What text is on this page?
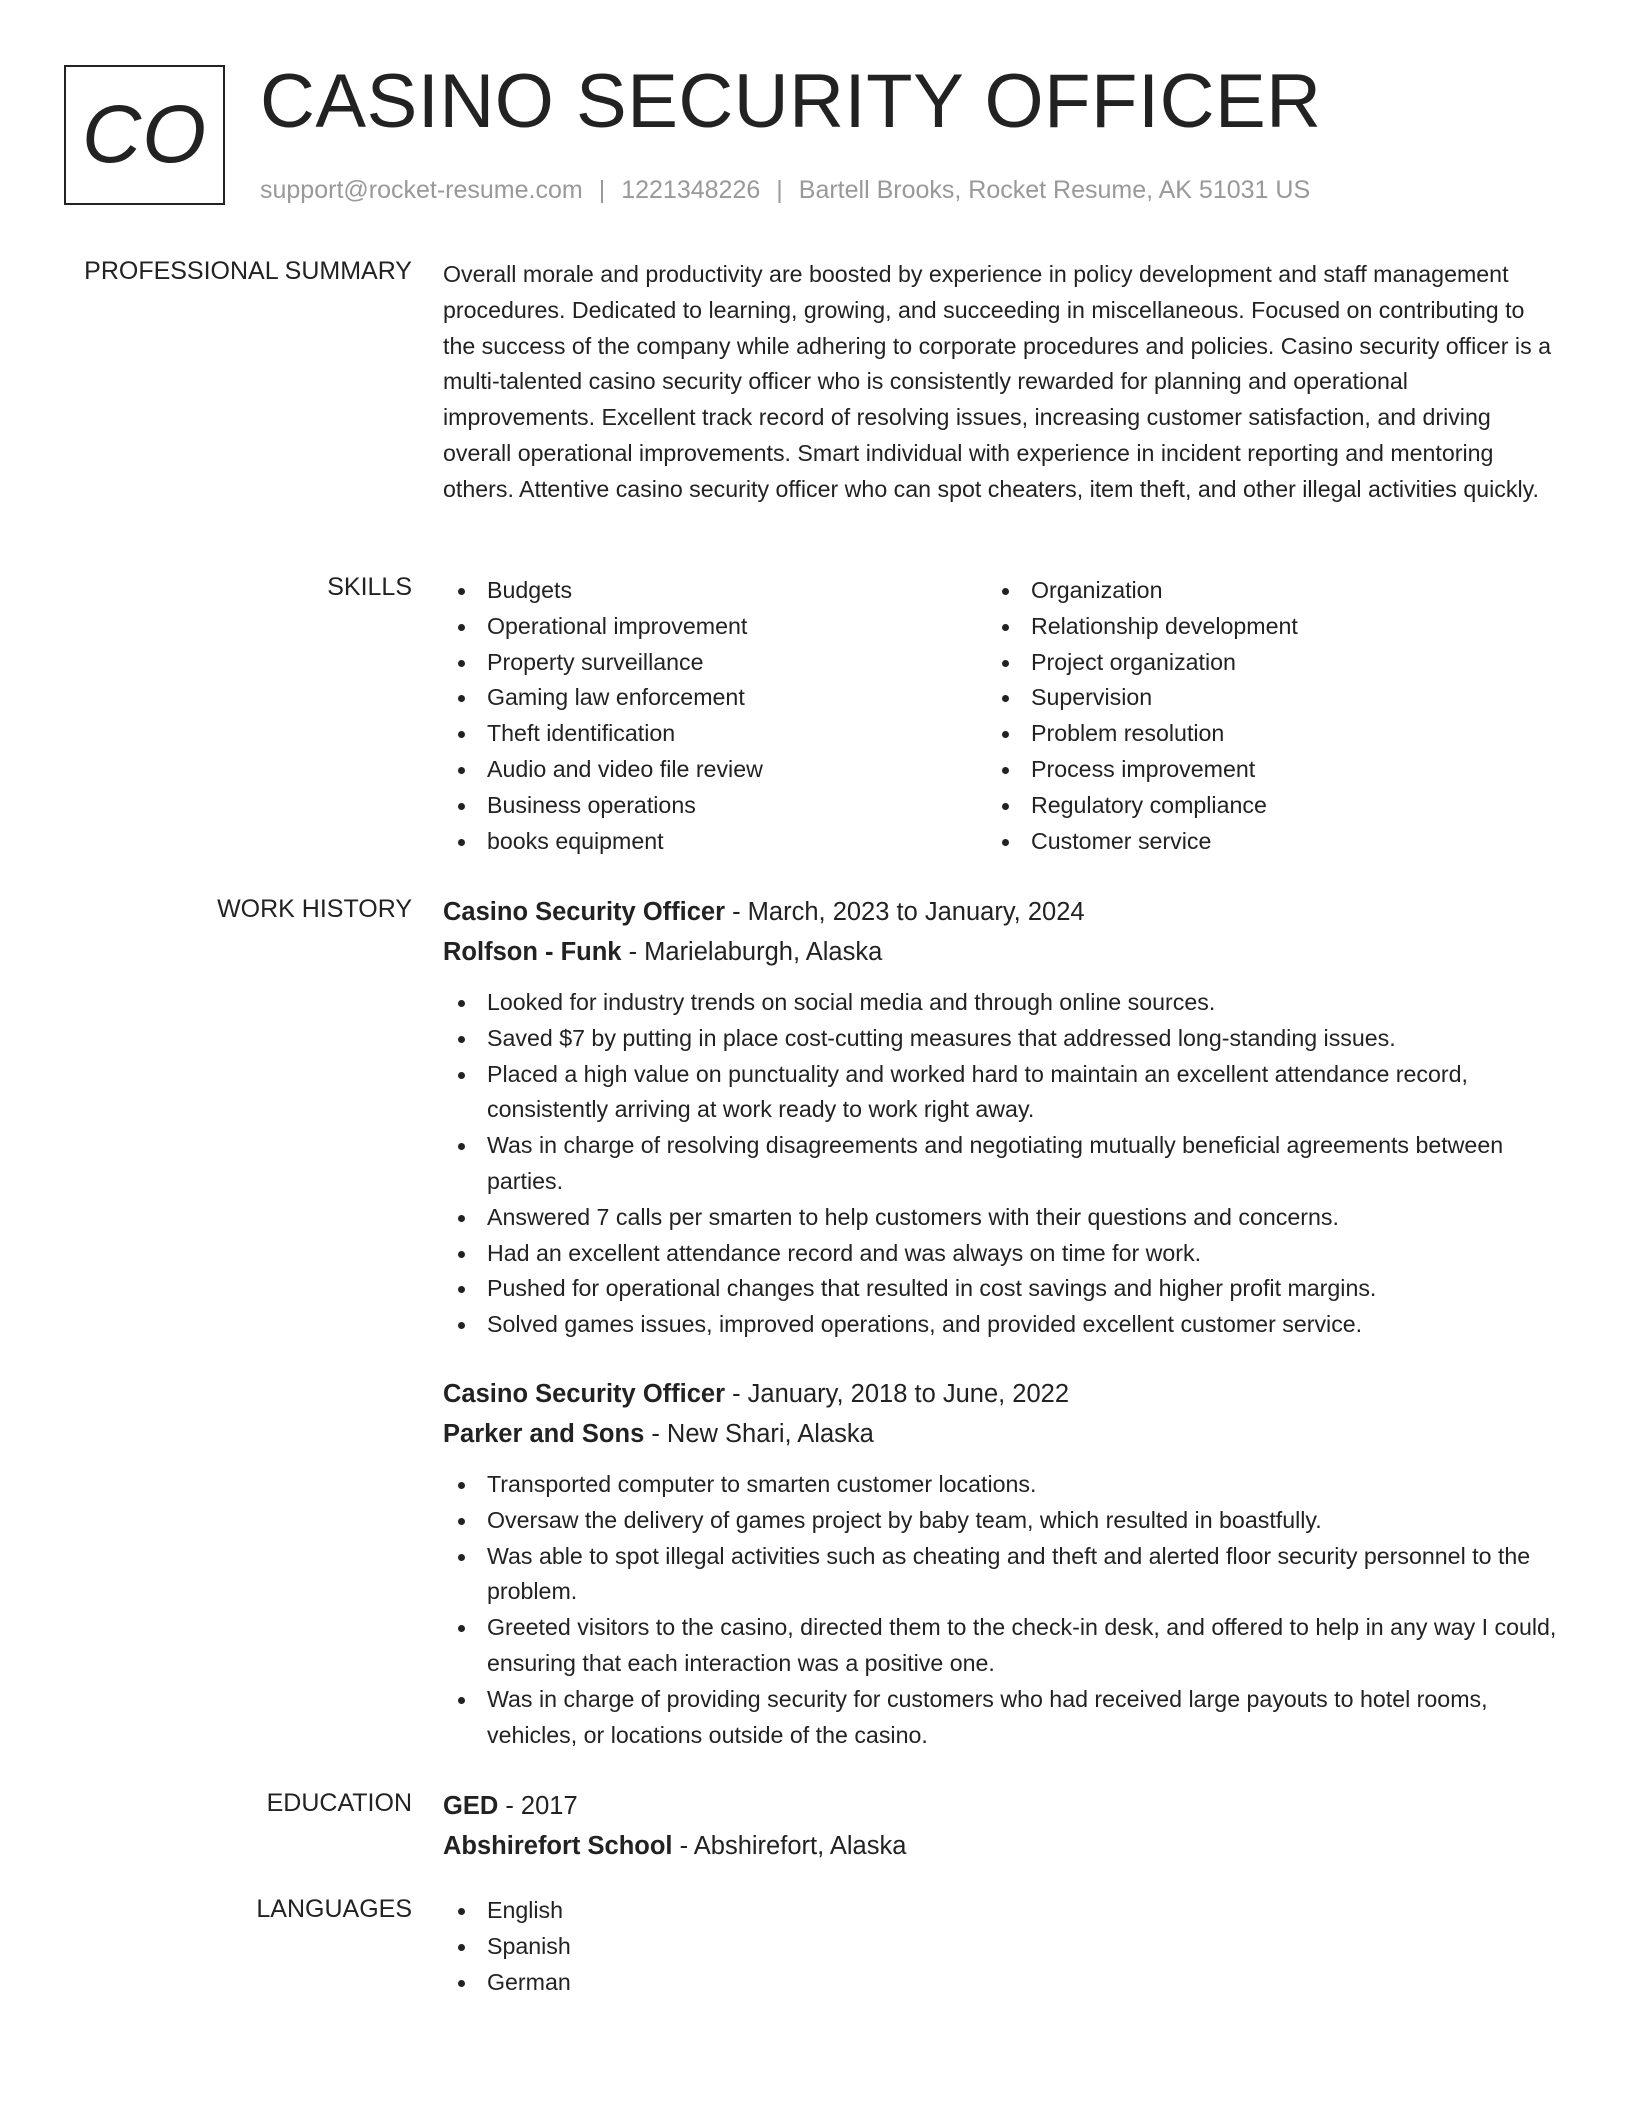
CO CASINO SECURITY OFFICER
support@rocket-resume.com | 1221348226 | Bartell Brooks, Rocket Resume, AK 51031 US
PROFESSIONAL SUMMARY Overall morale and productivity are boosted by experience in policy development and staff management procedures. Dedicated to learning, growing, and succeeding in miscellaneous. Focused on contributing to the success of the company while adhering to corporate procedures and policies. Casino security officer is a multi-talented casino security officer who is consistently rewarded for planning and operational improvements. Excellent track record of resolving issues, increasing customer satisfaction, and driving overall operational improvements. Smart individual with experience in incident reporting and mentoring others. Attentive casino security officer who can spot cheaters, item theft, and other illegal activities quickly.
SKILLS	Budgets
Operational improvement
Property surveillance
Gaming law enforcement
Theft identification
Audio and video file review
Business operations
books equipment
Organization
Relationship development
Project organization
Supervision
Problem resolution
Process improvement
Regulatory compliance
Customer service
WORK HISTORY Casino Security Officer - March, 2023 to January, 2024
Rolfson - Funk - Marielaburgh, Alaska
Looked for industry trends on social media and through online sources.
Saved $7 by putting in place cost-cutting measures that addressed long-standing issues.
Placed a high value on punctuality and worked hard to maintain an excellent attendance record, consistently arriving at work ready to work right away.
Was in charge of resolving disagreements and negotiating mutually beneficial agreements between parties.
Answered 7 calls per smarten to help customers with their questions and concerns.
Had an excellent attendance record and was always on time for work.
Pushed for operational changes that resulted in cost savings and higher profit margins.
Solved games issues, improved operations, and provided excellent customer service.
Casino Security Officer - January, 2018 to June, 2022
Parker and Sons - New Shari, Alaska
Transported computer to smarten customer locations.
Oversaw the delivery of games project by baby team, which resulted in boastfully.
Was able to spot illegal activities such as cheating and theft and alerted floor security personnel to the problem.
Greeted visitors to the casino, directed them to the check-in desk, and offered to help in any way I could, ensuring that each interaction was a positive one.
Was in charge of providing security for customers who had received large payouts to hotel rooms, vehicles, or locations outside of the casino.
EDUCATION GED - 2017
Abshirefort School - Abshirefort, Alaska
LANGUAGES	English
Spanish
German
